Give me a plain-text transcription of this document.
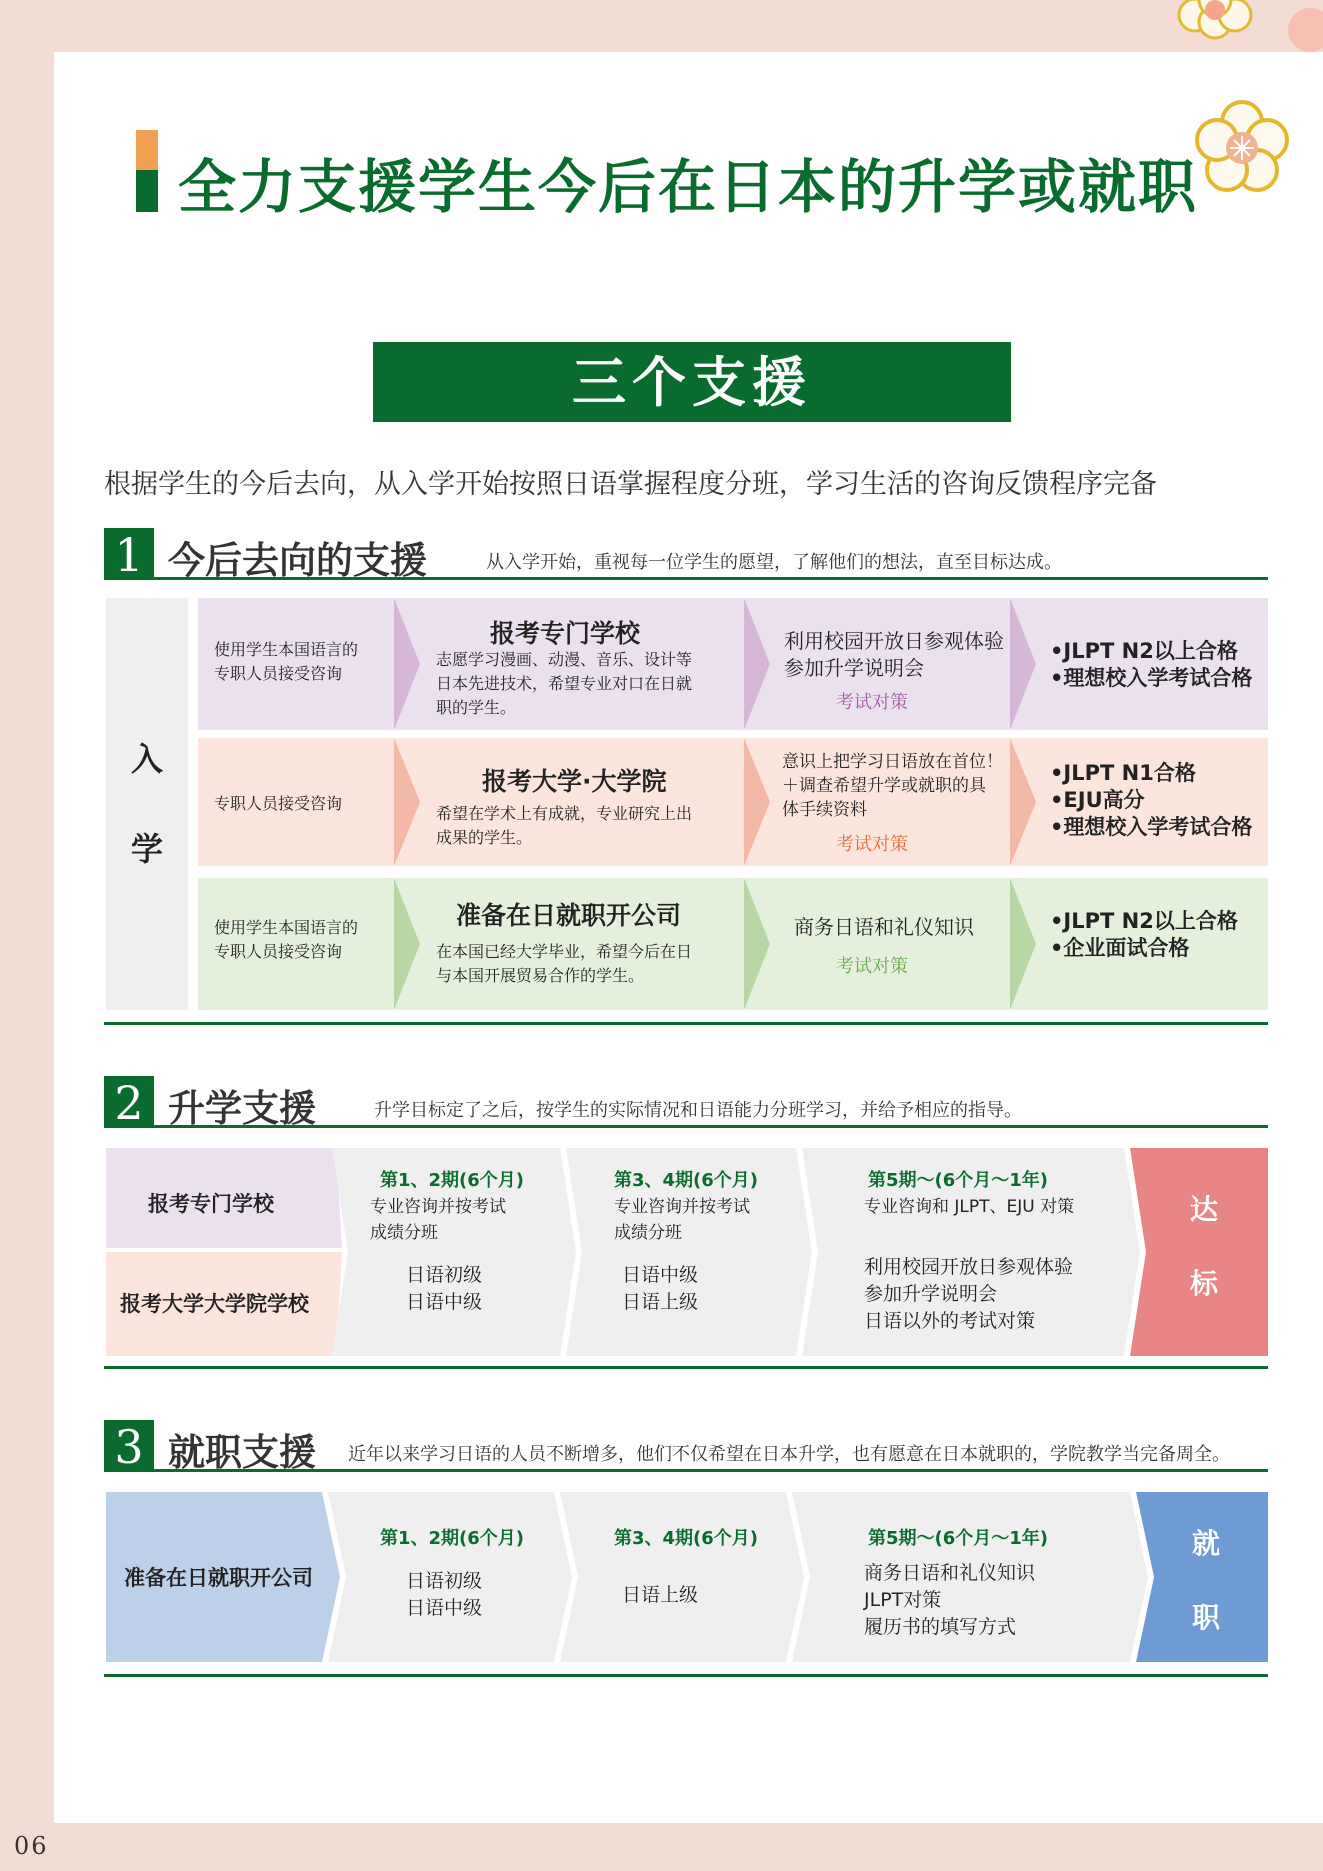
全力支援学生今后在日本的升学或就职
三个支援
根据学生的今后去向，从入学开始按照日语掌握程度分班，学习生活的咨询反馈程序完备
1 今后去向的支援	从入学开始，重视每一位学生的愿望，了解他们的想法，直至目标达成。
入
学
使用学生本国语言的
专职人员接受咨询
报考专门学校
志愿学习漫画、动漫、音乐、设计等
日本先进技术，希望专业对口在日就
职的学生。
利用校园开放日参观体验
参加升学说明会
考试对策
•JLPT N2以上合格
•理想校入学考试合格
专职人员接受咨询
报考大学·大学院
希望在学术上有成就，专业研究上出
成果的学生。
意识上把学习日语放在首位！
＋调查希望升学或就职的具
体手续资料
考试对策
•JLPT N1合格
•EJU高分
•理想校入学考试合格
使用学生本国语言的
专职人员接受咨询
准备在日就职开公司
在本国已经大学毕业，希望今后在日
与本国开展贸易合作的学生。
商务日语和礼仪知识
考试对策
•JLPT N2以上合格
•企业面试合格
2 升学支援	升学目标定了之后，按学生的实际情况和日语能力分班学习，并给予相应的指导。
报考专门学校
报考大学大学院学校
第1、2期(6个月)
专业咨询并按考试
成绩分班
日语初级
日语中级
第3、4期(6个月)
专业咨询并按考试
成绩分班
日语中级
日语上级
第5期～(6个月～1年)
专业咨询和 JLPT、EJU 对策
利用校园开放日参观体验
参加升学说明会
日语以外的考试对策
达
标
3 就职支援 近年以来学习日语的人员不断增多，他们不仅希望在日本升学，也有愿意在日本就职的，学院教学当完备周全。
准备在日就职开公司
第1、2期(6个月)
日语初级
日语中级
第3、4期(6个月)
日语上级
第5期～(6个月～1年)
商务日语和礼仪知识
JLPT对策
履历书的填写方式
就
职
06
